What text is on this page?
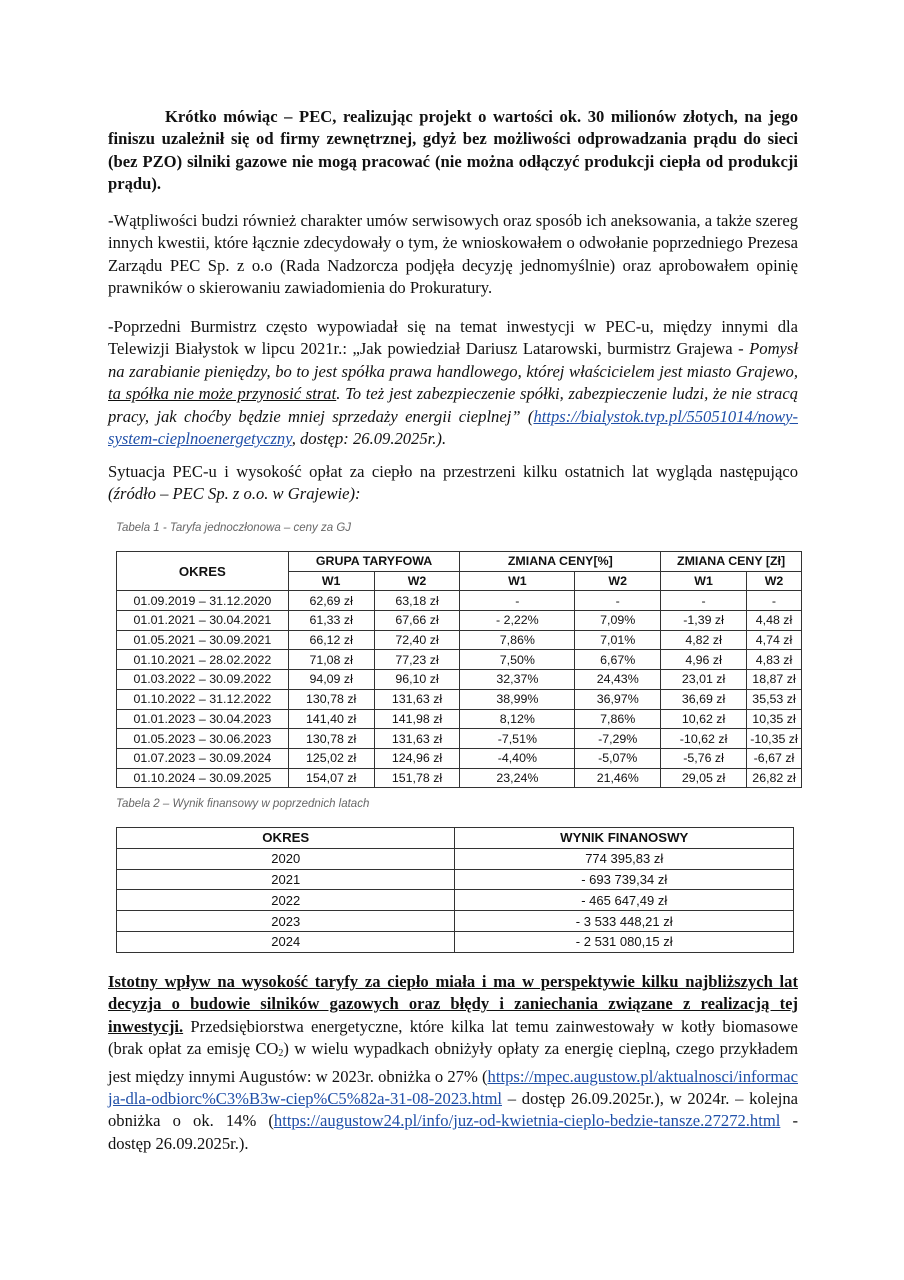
Krótko mówiąc – PEC, realizując projekt o wartości ok. 30 milionów złotych, na jego finiszu uzależnił się od firmy zewnętrznej, gdyż bez możliwości odprowadzania prądu do sieci (bez PZO) silniki gazowe nie mogą pracować (nie można odłączyć produkcji ciepła od produkcji prądu).
-Wątpliwości budzi również charakter umów serwisowych oraz sposób ich aneksowania, a także szereg innych kwestii, które łącznie zdecydowały o tym, że wnioskowałem o odwołanie poprzedniego Prezesa Zarządu PEC Sp. z o.o (Rada Nadzorcza podjęła decyzję jednomyślnie) oraz aprobowałem opinię prawników o skierowaniu zawiadomienia do Prokuratury.
-Poprzedni Burmistrz często wypowiadał się na temat inwestycji w PEC-u, między innymi dla Telewizji Białystok w lipcu 2021r.: „Jak powiedział Dariusz Latarowski, burmistrz Grajewa - Pomysł na zarabianie pieniędzy, bo to jest spółka prawa handlowego, której właścicielem jest miasto Grajewo, ta spółka nie może przynosić strat. To też jest zabezpieczenie spółki, zabezpieczenie ludzi, że nie stracą pracy, jak choćby będzie mniej sprzedaży energii cieplnej” (https://bialystok.tvp.pl/55051014/nowy-system-cieplnoenergetyczny, dostęp: 26.09.2025r.).
Sytuacja PEC-u i wysokość opłat za ciepło na przestrzeni kilku ostatnich lat wygląda następująco (źródło – PEC Sp. z o.o. w Grajewie):
Tabela 1 - Taryfa jednoczłonowa – ceny za GJ
OKRES	GRUPA TARYFOWA		ZMIANA CENY[%]		ZMIANA CENY [Zł]	
	W1	W2	W1	W2	W1	W2
01.09.2019 – 31.12.2020	62,69 zł	63,18 zł	-	-	-	-
01.01.2021 – 30.04.2021	61,33 zł	67,66 zł	- 2,22%	7,09%	-1,39 zł	4,48 zł
01.05.2021 – 30.09.2021	66,12 zł	72,40 zł	7,86%	7,01%	4,82 zł	4,74 zł
01.10.2021 – 28.02.2022	71,08 zł	77,23 zł	7,50%	6,67%	4,96 zł	4,83 zł
01.03.2022 – 30.09.2022	94,09 zł	96,10 zł	32,37%	24,43%	23,01 zł	18,87 zł
01.10.2022 – 31.12.2022	130,78 zł	131,63 zł	38,99%	36,97%	36,69 zł	35,53 zł
01.01.2023 – 30.04.2023	141,40 zł	141,98 zł	8,12%	7,86%	10,62 zł	10,35 zł
01.05.2023 – 30.06.2023	130,78 zł	131,63 zł	-7,51%	-7,29%	-10,62 zł	-10,35 zł
01.07.2023 – 30.09.2024	125,02 zł	124,96 zł	-4,40%	-5,07%	-5,76 zł	-6,67 zł
01.10.2024 – 30.09.2025	154,07 zł	151,78 zł	23,24%	21,46%	29,05 zł	26,82 zł
Tabela 2 – Wynik finansowy w poprzednich latach
OKRES	WYNIK FINANOSWY
2020	774 395,83 zł
2021	- 693 739,34 zł
2022	- 465 647,49 zł
2023	- 3 533 448,21 zł
2024	- 2 531 080,15 zł
Istotny wpływ na wysokość taryfy za ciepło miała i ma w perspektywie kilku najbliższych lat decyzja o budowie silników gazowych oraz błędy i zaniechania związane z realizacją tej inwestycji. Przedsiębiorstwa energetyczne, które kilka lat temu zainwestowały w kotły biomasowe (brak opłat za emisję $CO_2$) w wielu wypadkach obniżyły opłaty za energię cieplną, czego przykładem jest między innymi Augustów: w 2023r. obniżka o 27% (https://mpec.augustow.pl/aktualnosci/informacja-dla-odbiorc%C3%B3w-ciep%C5%82a-31-08-2023.html – dostęp 26.09.2025r.), w 2024r. – kolejna obniżka o ok. 14% (https://augustow24.pl/info/juz-od-kwietnia-cieplo-bedzie-tansze.27272.html - dostęp 26.09.2025r.).
